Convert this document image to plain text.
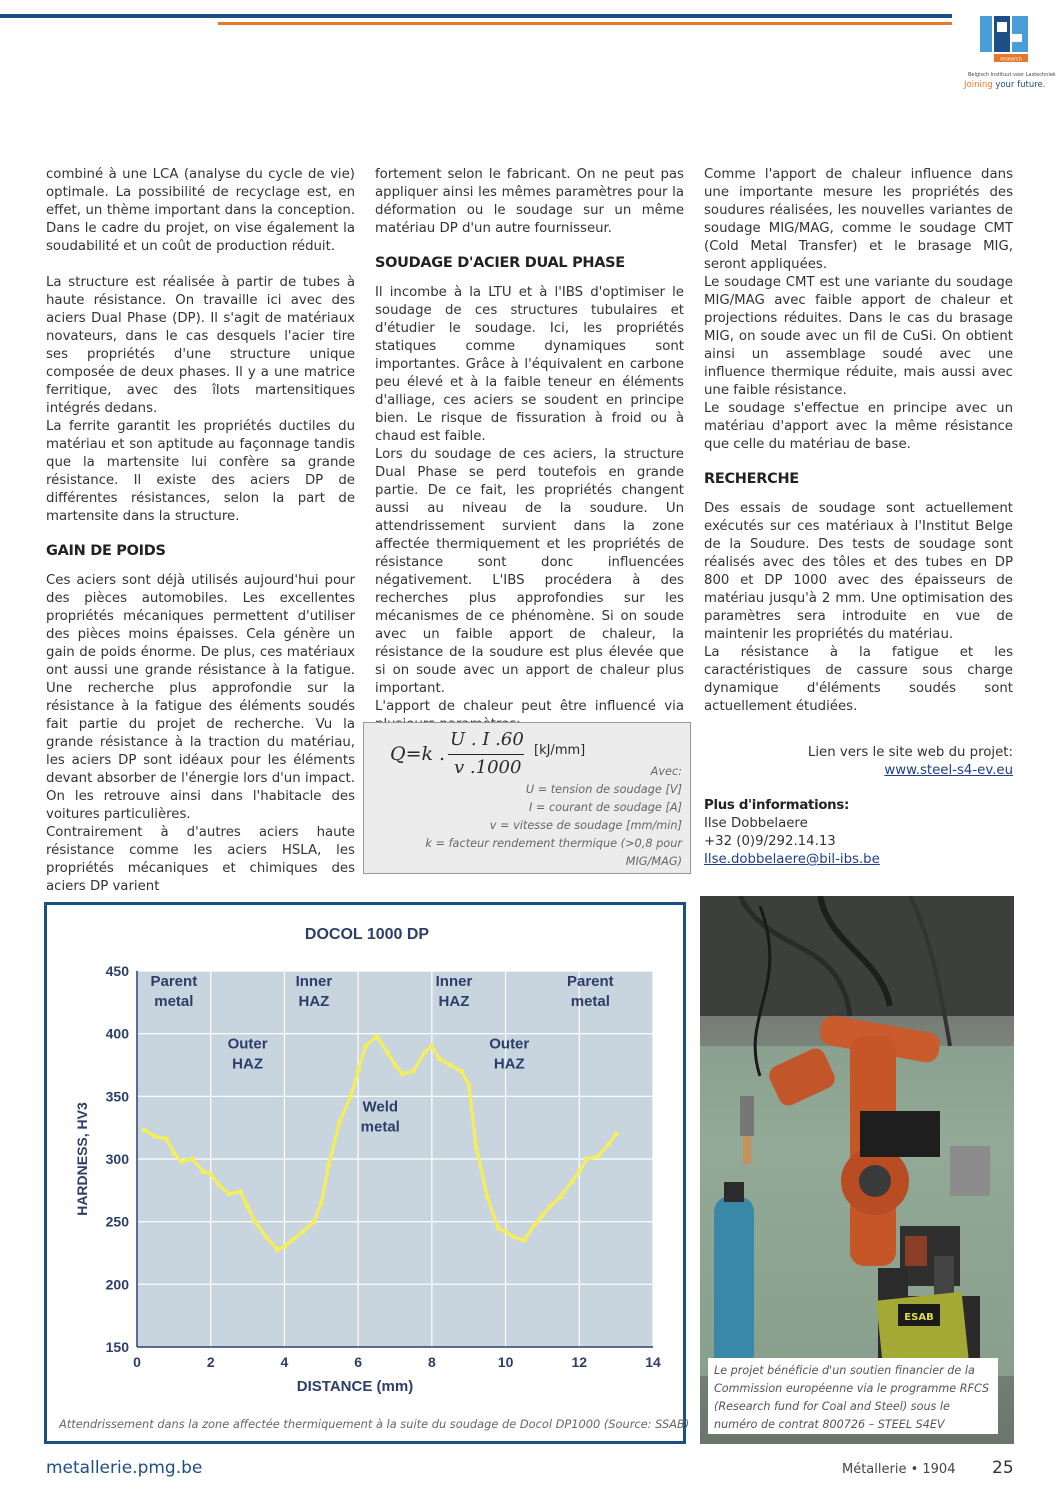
research
Belgisch Instituut voor Lastechniek
Joining your future.

combiné à une LCA (analyse du cycle de vie) optimale. La possibilité de recyclage est, en effet, un thème important dans la conception. Dans le cadre du projet, on vise également la soudabilité et un coût de production réduit.

La structure est réalisée à partir de tubes à haute résistance. On travaille ici avec des aciers Dual Phase (DP). Il s'agit de matériaux novateurs, dans le cas desquels l'acier tire ses propriétés d'une structure unique composée de deux phases. Il y a une matrice ferritique, avec des îlots martensitiques intégrés dedans.

La ferrite garantit les propriétés ductiles du matériau et son aptitude au façonnage tandis que la martensite lui confère sa grande résistance. Il existe des aciers DP de différentes résistances, selon la part de martensite dans la structure.

GAIN DE POIDS

Ces aciers sont déjà utilisés aujourd'hui pour des pièces automobiles. Les excellentes propriétés mécaniques permettent d'utiliser des pièces moins épaisses. Cela génère un gain de poids énorme. De plus, ces matériaux ont aussi une grande résistance à la fatigue. Une recherche plus approfondie sur la résistance à la fatigue des éléments soudés fait partie du projet de recherche. Vu la grande résistance à la traction du matériau, les aciers DP sont idéaux pour les éléments devant absorber de l'énergie lors d'un impact. On les retrouve ainsi dans l'habitacle des voitures particulières.

Contrairement à d'autres aciers haute résistance comme les aciers HSLA, les propriétés mécaniques et chimiques des aciers DP varient

fortement selon le fabricant. On ne peut pas appliquer ainsi les mêmes paramètres pour la déformation ou le soudage sur un même matériau DP d'un autre fournisseur.

SOUDAGE D'ACIER DUAL PHASE

Il incombe à la LTU et à l'IBS d'optimiser le soudage de ces structures tubulaires et d'étudier le soudage. Ici, les propriétés statiques comme dynamiques sont importantes. Grâce à l'équivalent en carbone peu élevé et à la faible teneur en éléments d'alliage, ces aciers se soudent en principe bien. Le risque de fissuration à froid ou à chaud est faible.

Lors du soudage de ces aciers, la structure Dual Phase se perd toutefois en grande partie. De ce fait, les propriétés changent aussi au niveau de la soudure. Un attendrissement survient dans la zone affectée thermiquement et les propriétés de résistance sont donc influencées négativement. L'IBS procédera à des recherches plus approfondies sur les mécanismes de ce phénomène. Si on soude avec un faible apport de chaleur, la résistance de la soudure est plus élevée que si on soude avec un apport de chaleur plus important.

L'apport de chaleur peut être influencé via

Q=k .
U . I .60
v .1000
[kJ/mm]
Avec:
U = tension de soudage [V]
I = courant de soudage [A]
v = vitesse de soudage [mm/min]
k = facteur rendement thermique (>0,8 pour MIG/MAG)

Comme l'apport de chaleur influence dans une importante mesure les propriétés des soudures réalisées, les nouvelles variantes de soudage MIG/MAG, comme le soudage CMT (Cold Metal Transfer) et le brasage MIG, seront appliquées.

Le soudage CMT est une variante du soudage MIG/MAG avec faible apport de chaleur et projections réduites. Dans le cas du brasage MIG, on soude avec un fil de CuSi. On obtient ainsi un assemblage soudé avec une influence thermique réduite, mais aussi avec une faible résistance.

Le soudage s'effectue en principe avec un matériau d'apport avec la même résistance que celle du matériau de base.

RECHERCHE

Des essais de soudage sont actuellement exécutés sur ces matériaux à l'Institut Belge de la Soudure. Des tests de soudage sont réalisés avec des tôles et des tubes en DP 800 et DP 1000 avec des épaisseurs de matériau jusqu'à 2 mm. Une optimisation des paramètres sera introduite en vue de maintenir les propriétés du matériau.

La résistance à la fatigue et les caractéristiques de cassure sous charge dynamique d'éléments soudés sont actuellement étudiées.

Lien vers le site web du projet:
www.steel-s4-ev.eu
Plus d'informations:
Ilse Dobbelaere
+32 (0)9/292.14.13
Ilse.dobbelaere@bil-ibs.be
150
200
250
300
350
400
450
0	2	4	6	8	10	12	14
DOCOL 1000 DP
DISTANCE (mm)
HARDNESS, HV3
Parent
metal
Inner
HAZ
Inner
HAZ
Parent
metal
Outer
HAZ
Outer
HAZ
Weld
metal
Attendrissement dans la zone affectée thermiquement à la suite du soudage de Docol DP1000 (Source: SSAB)
ESAB
Le projet bénéficie d'un soutien financier de la Commission européenne via le programme RFCS (Research fund for Coal and Steel) sous le numéro de contrat 800726 – STEEL S4EV
metallerie.pmg.be	Métallerie • 1904 25
